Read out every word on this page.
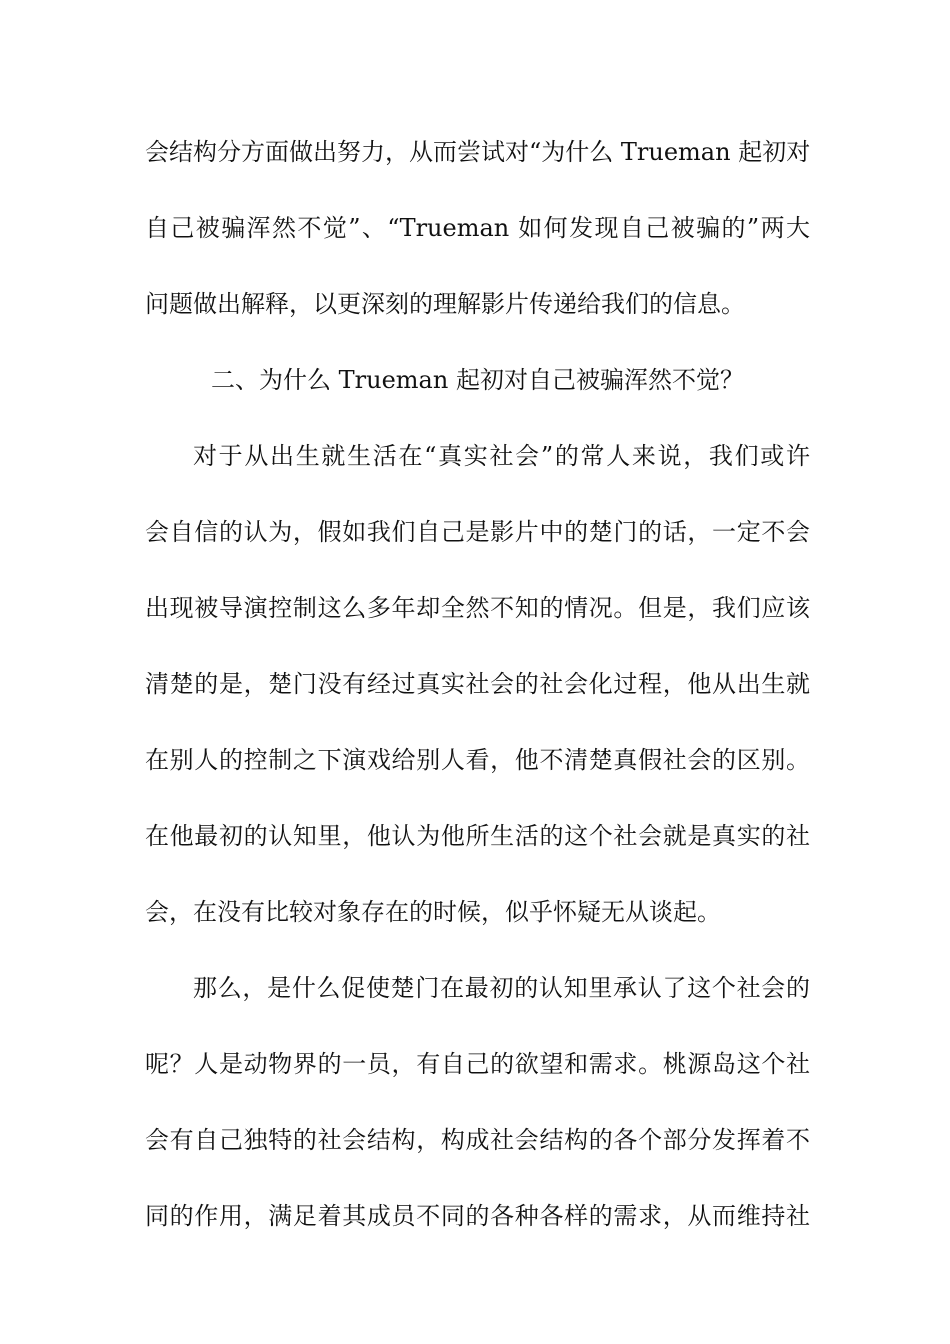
会结构分方面做出努力，从而尝试对“为什么 Trueman 起初对
自己被骗浑然不觉”、“Trueman 如何发现自己被骗的”两大
问题做出解释，以更深刻的理解影片传递给我们的信息。
二、为什么 Trueman 起初对自己被骗浑然不觉？
对于从出生就生活在“真实社会”的常人来说，我们或许
会自信的认为，假如我们自己是影片中的楚门的话，一定不会
出现被导演控制这么多年却全然不知的情况。但是，我们应该
清楚的是，楚门没有经过真实社会的社会化过程，他从出生就
在别人的控制之下演戏给别人看，他不清楚真假社会的区别。
在他最初的认知里，他认为他所生活的这个社会就是真实的社
会，在没有比较对象存在的时候，似乎怀疑无从谈起。
那么，是什么促使楚门在最初的认知里承认了这个社会的
呢？人是动物界的一员，有自己的欲望和需求。桃源岛这个社
会有自己独特的社会结构，构成社会结构的各个部分发挥着不
同的作用，满足着其成员不同的各种各样的需求，从而维持社
